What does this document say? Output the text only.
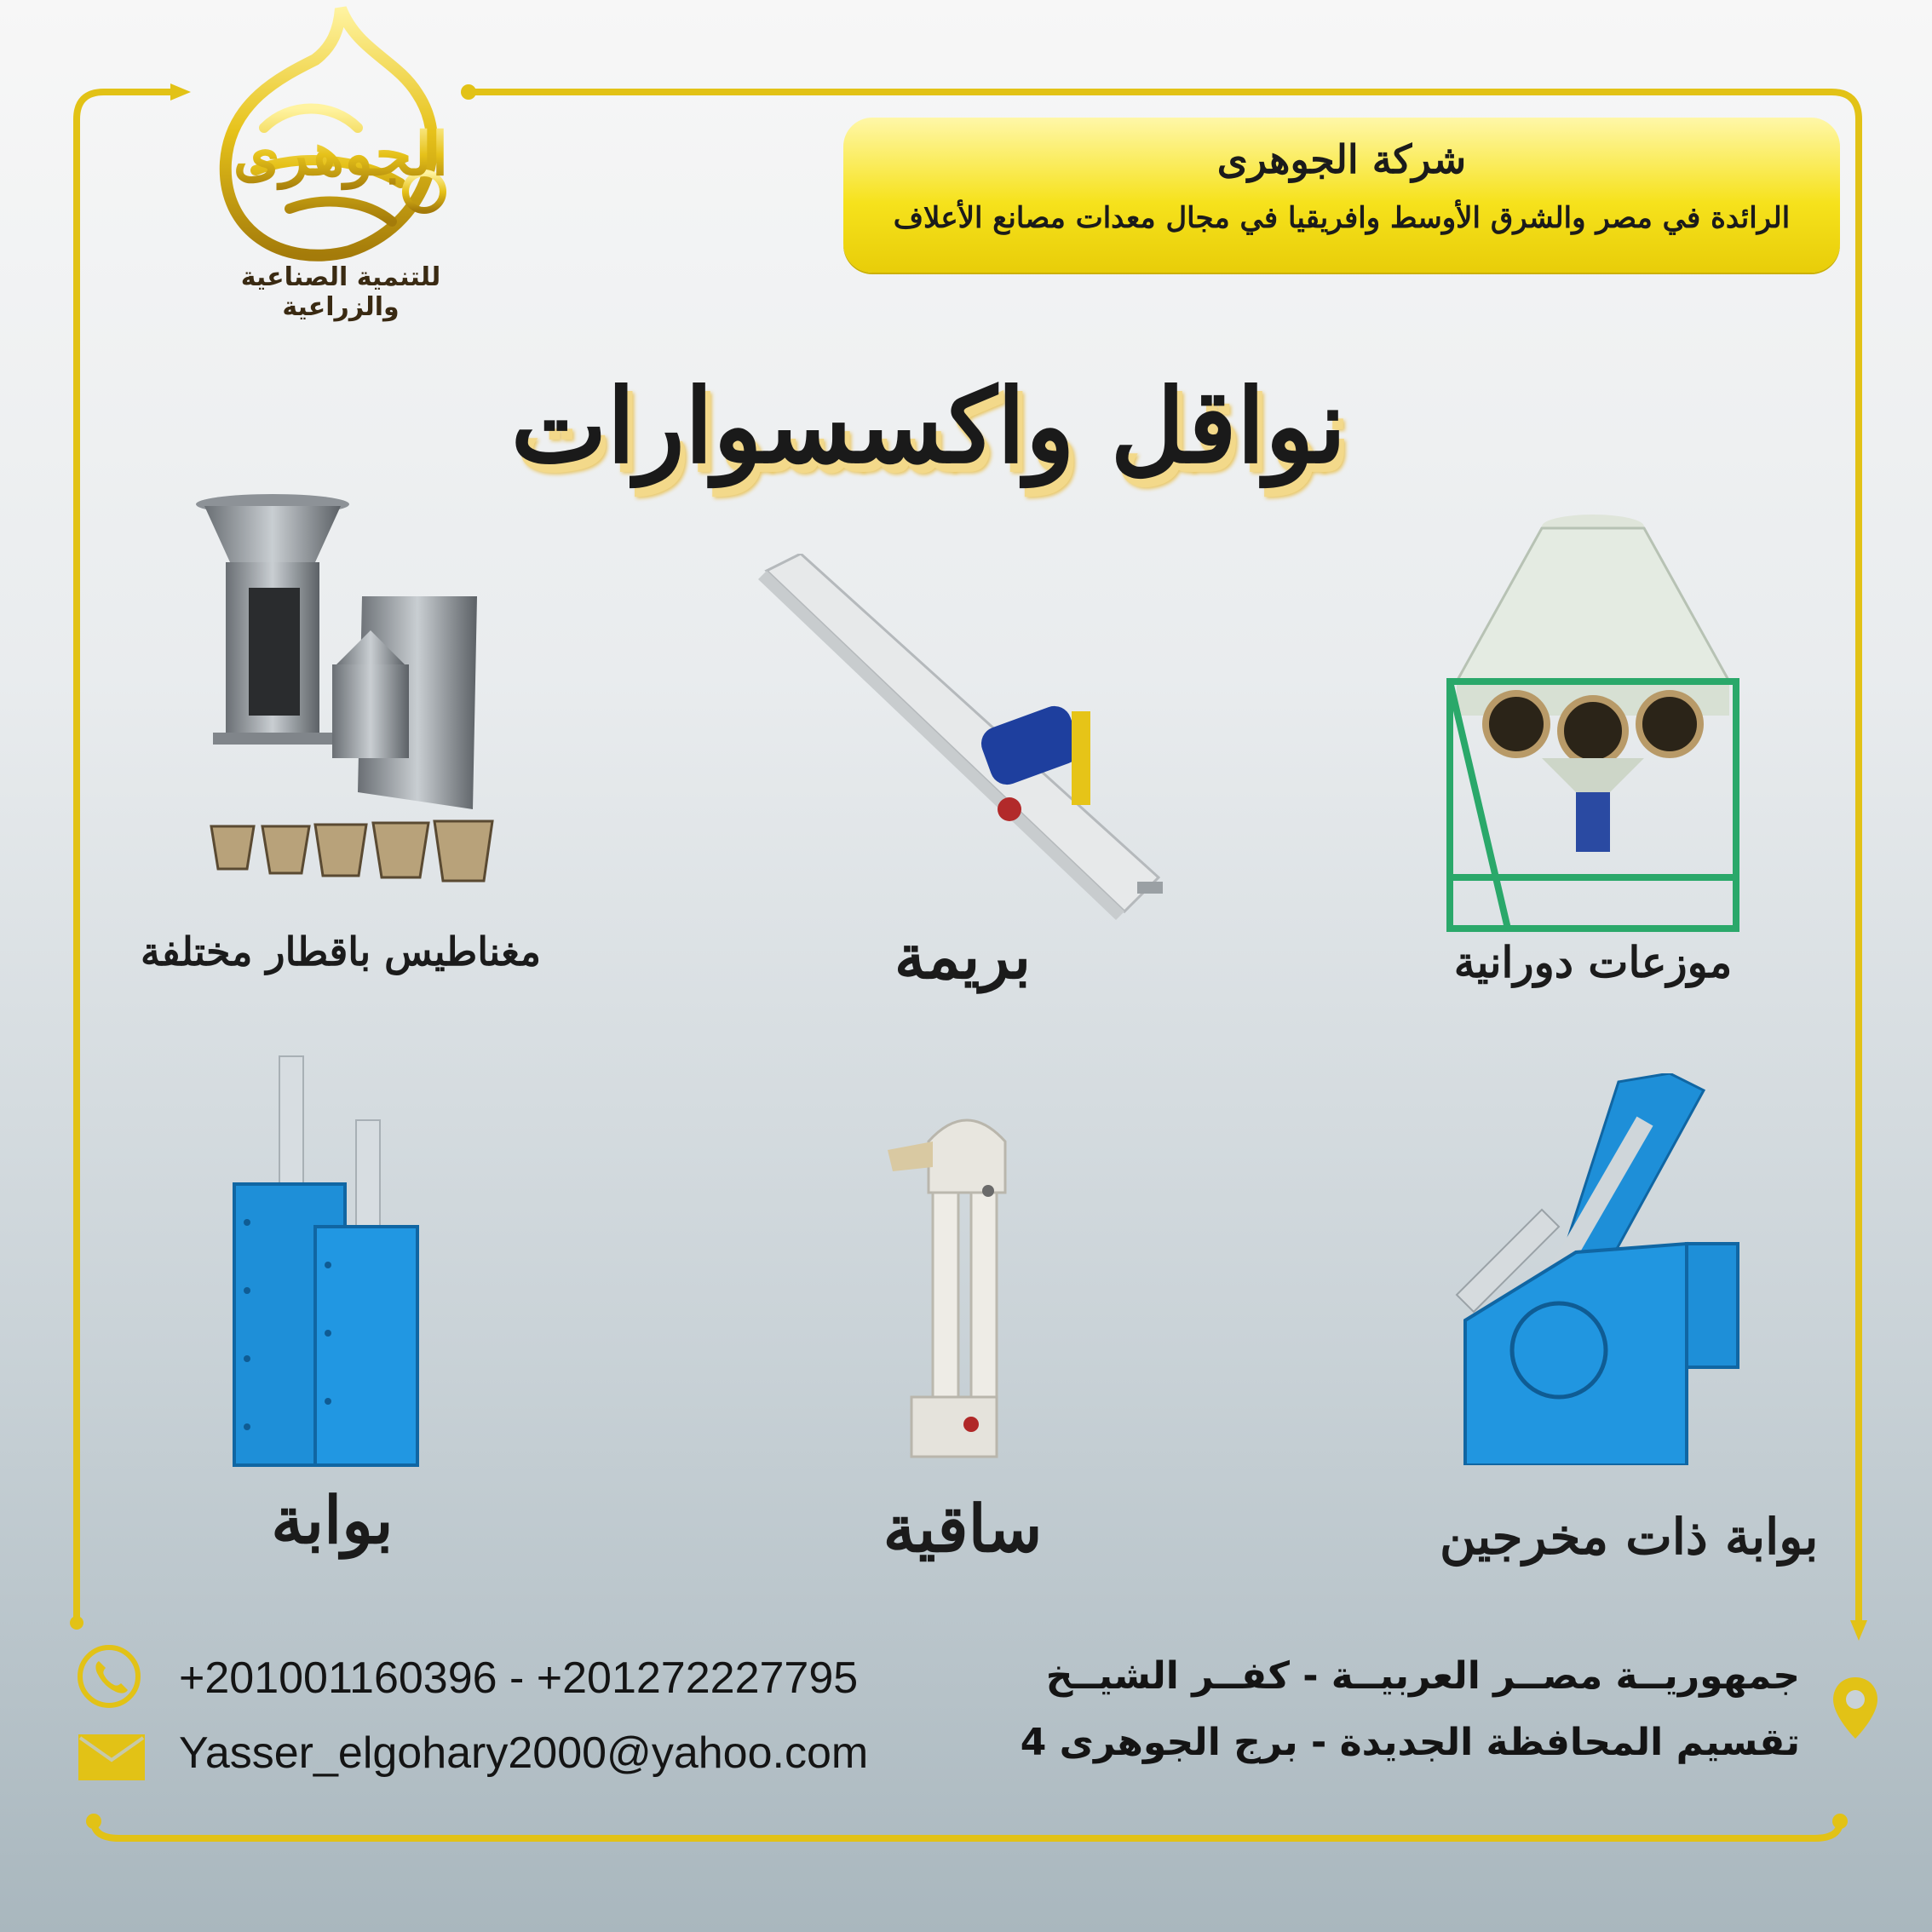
الجوهرى
للتنمية الصناعية والزراعية
شركة الجوهرى
الرائدة في مصر والشرق الأوسط وافريقيا في مجال معدات مصانع الأعلاف
نواقل واكسسوارات
مغناطيس باقطار مختلفة	بريمة	موزعات دورانية
بوابة	ساقية	بوابة ذات مخرجين
+201001160396 - +201272227795
Yasser_elgohary2000@yahoo.com
جمهوريــة مصــر العربيــة - كفــر الشيــخ
4 تقسيم المحافظة الجديدة - برج الجوهرى
